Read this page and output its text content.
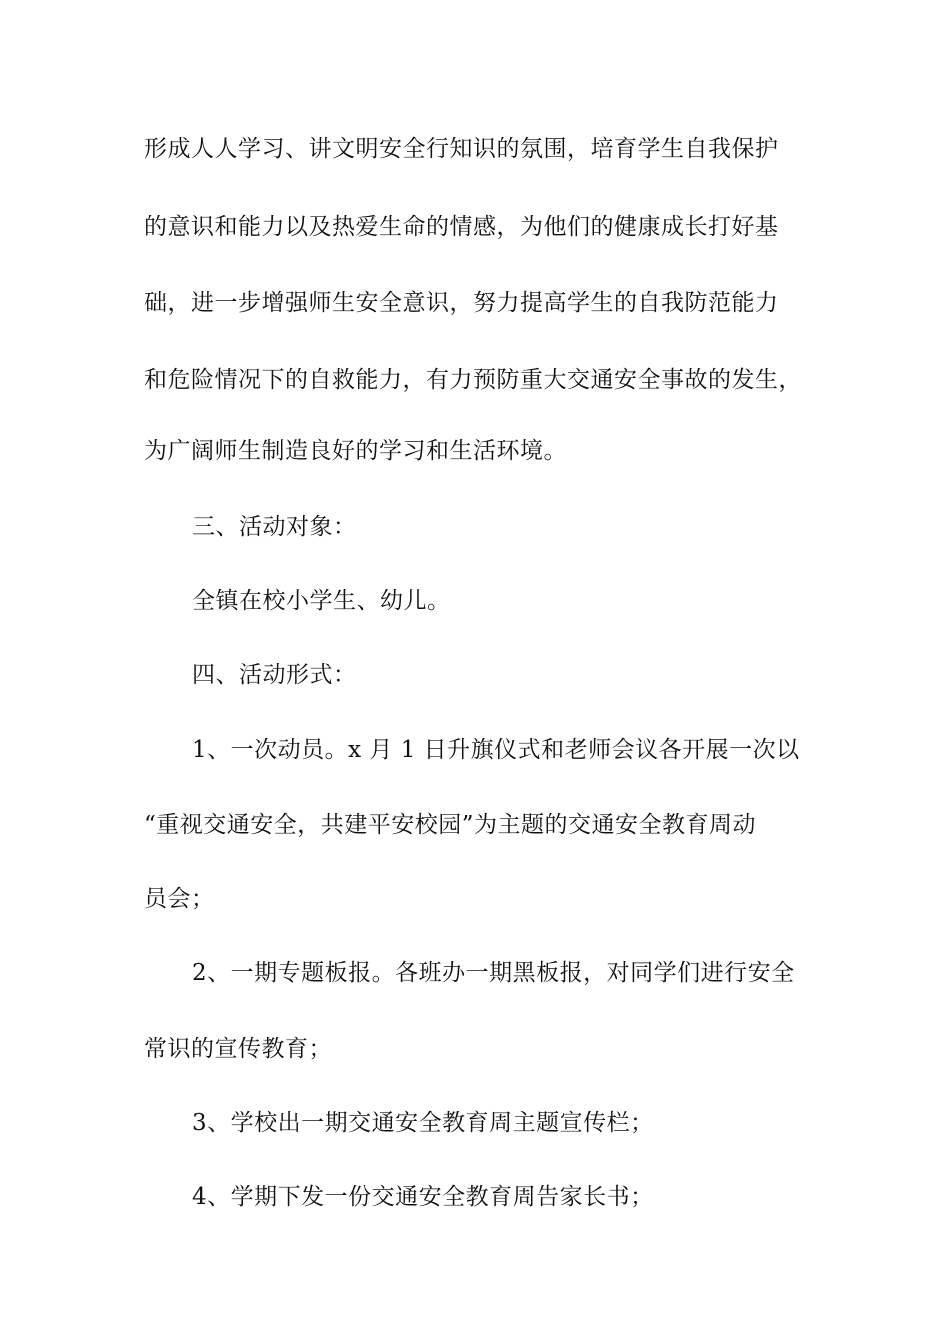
形成人人学习、讲文明安全行知识的氛围，培育学生自我保护
的意识和能力以及热爱生命的情感，为他们的健康成长打好基
础，进一步增强师生安全意识，努力提高学生的自我防范能力
和危险情况下的自救能力，有力预防重大交通安全事故的发生，
为广阔师生制造良好的学习和生活环境。
三、活动对象：
全镇在校小学生、幼儿。
四、活动形式：
1、一次动员。x 月 1 日升旗仪式和老师会议各开展一次以
“重视交通安全，共建平安校园”为主题的交通安全教育周动
员会；
2、一期专题板报。各班办一期黑板报，对同学们进行安全
常识的宣传教育；
3、学校出一期交通安全教育周主题宣传栏；
4、学期下发一份交通安全教育周告家长书；
